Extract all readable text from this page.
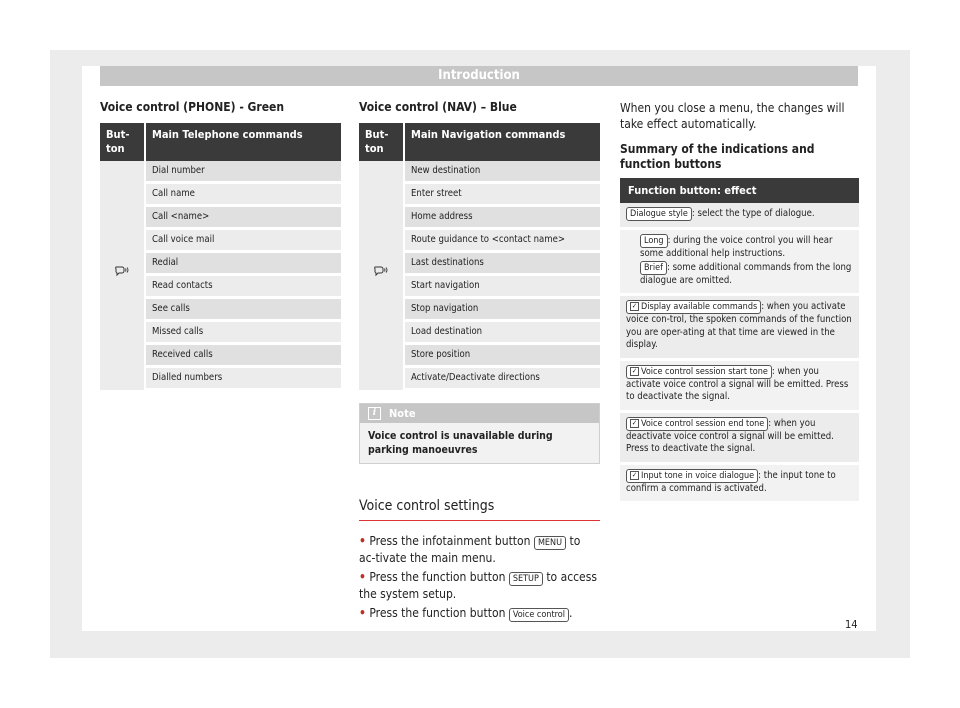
Introduction
Voice control (PHONE) - Green
But-ton	Main Telephone commands
	Dial number
	Call name
	Call <name>
	Call voice mail
	Redial
	Read contacts
	See calls
	Missed calls
	Received calls
	Dialled numbers
Voice control (NAV) – Blue
But-ton	Main Navigation commands
	New destination
	Enter street
	Home address
	Route guidance to <contact name>
	Last destinations
	Start navigation
	Stop navigation
	Load destination
	Store position
	Activate/Deactivate directions
i	Note
Voice control is unavailable during parking manoeuvres
Voice control settings

• Press the infotainment button MENU to ac-tivate the main menu.

• Press the function button SETUP to access the system setup.

• Press the function button Voice control .

When you close a menu, the changes will take effect automatically.

Summary of the indications and function buttons
Function button: effect
Dialogue style : select the type of dialogue.
Long : during the voice control you will hear some additional help instructions.
Brief : some additional commands from the long dialogue are omitted.
✓ Display available commands : when you activate voice con-trol, the spoken commands of the function you are oper-ating at that time are viewed in the display.
✓ Voice control session start tone : when you activate voice control a signal will be emitted. Press to deactivate the signal.
✓ Voice control session end tone : when you deactivate voice control a signal will be emitted. Press to deactivate the signal.
✓ Input tone in voice dialogue : the input tone to confirm a command is activated.
14
